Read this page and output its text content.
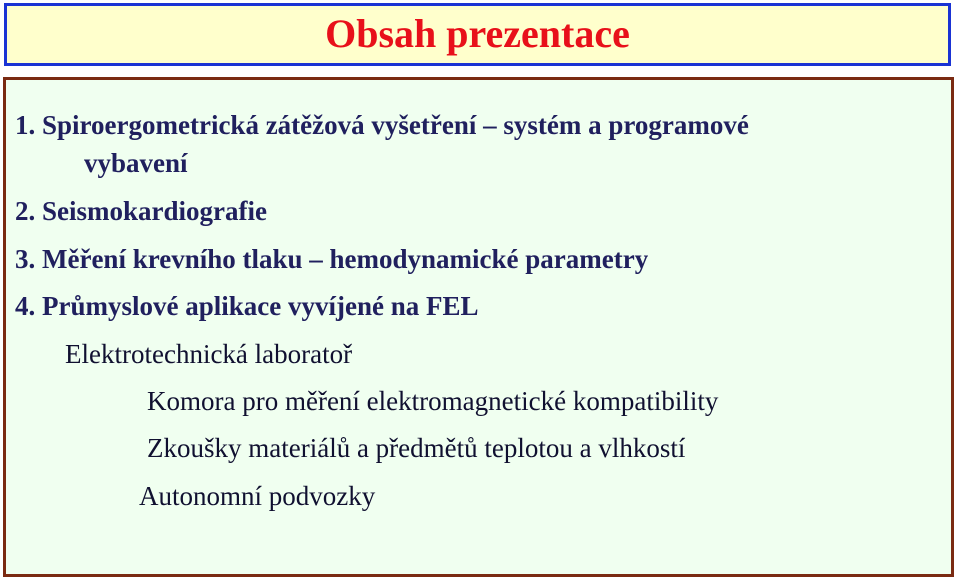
Obsah prezentace
1. Spiroergometrická zátěžová vyšetření – systém a programové
vybavení
2. Seismokardiografie
3. Měření krevního tlaku – hemodynamické parametry
4. Průmyslové aplikace vyvíjené na FEL
Elektrotechnická laboratoř
Komora pro měření elektromagnetické kompatibility
Zkoušky materiálů a předmětů teplotou a vlhkostí
Autonomní podvozky
